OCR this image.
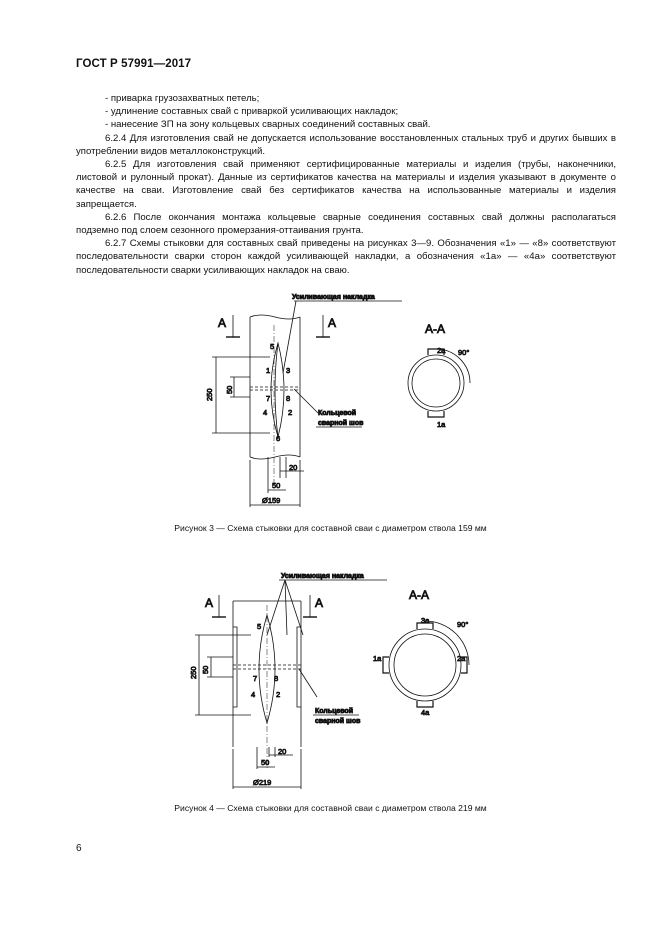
ГОСТ Р 57991—2017

- приварка грузозахватных петель;

- удлинение составных свай с приваркой усиливающих накладок;

- нанесение ЗП на зону кольцевых сварных соединений составных свай.

6.2.4 Для изготовления свай не допускается использование восстановленных стальных труб и других бывших в употреблении видов металлоконструкций.

6.2.5 Для изготовления свай применяют сертифицированные материалы и изделия (трубы, наконечники, листовой и рулонный прокат). Данные из сертификатов качества на материалы и изделия указывают в документе о качестве на сваи. Изготовление свай без сертификатов качества на использованные материалы и изделия запрещается.

6.2.6 После окончания монтажа кольцевые сварные соединения составных свай должны располагаться подземно под слоем сезонного промерзания-оттаивания грунта.

6.2.7 Схемы стыковки для составных свай приведены на рисунках 3—9. Обозначения «1» — «8» соответствуют последовательности сварки сторон каждой усиливающей накладки, а обозначения «1а» — «4а» соответствуют последовательности сварки усиливающих накладок на сваю.

Усиливающая накладка
А	А
5
1 3
7 8
4	2
6
Кольцевой
сварной шов
250 50
20
50
Ø159
А-А
90°
2а
1а
Рисунок 3 — Схема стыковки для составной сваи с диаметром ствола 159 мм
Усиливающая накладка
А	А
5
7 8
4	2
Кольцевой
сварной шов
250 50
20
50
Ø219
А-А
90°
3а
1а	2а
4а
Рисунок 4 — Схема стыковки для составной сваи с диаметром ствола 219 мм
6
